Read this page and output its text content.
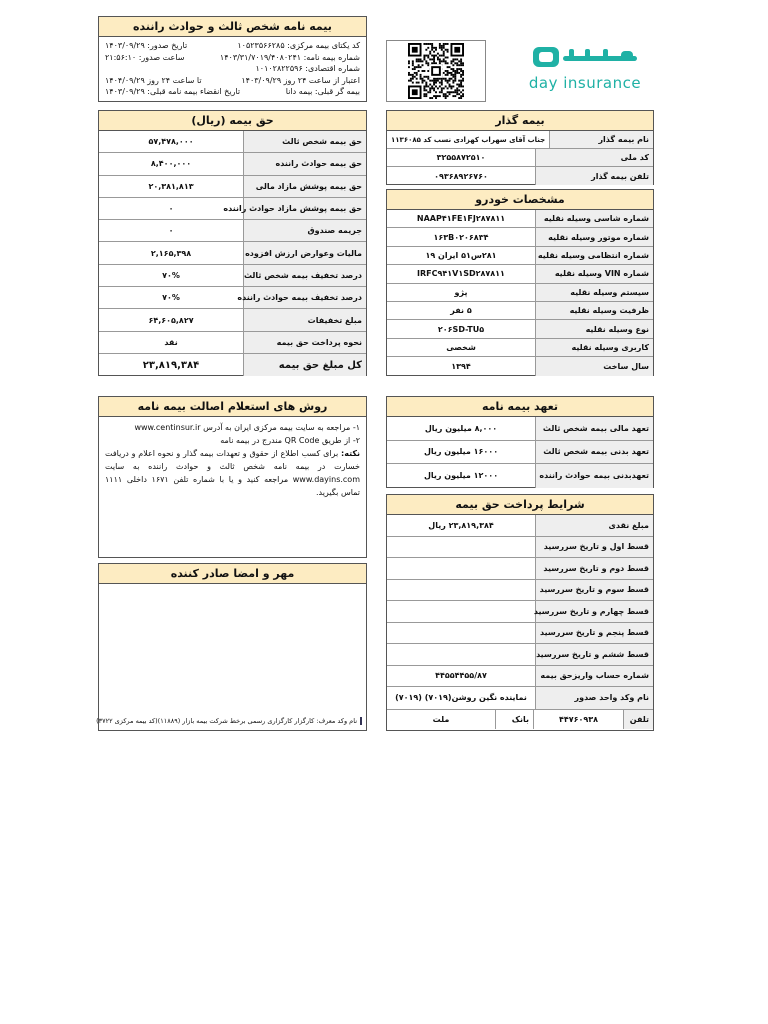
بیمه نامه شخص ثالث و حوادث راننده
کد یکتای بیمه مرکزی: ۱۰۵۲۳۵۶۶۲۸۵
تاریخ صدور: ۱۴۰۳/۰۹/۲۹
شماره بیمه نامه: ۱۴۰۳/۳۱/۷۰۱۹/۴۰۸۰۲۴۱
ساعت صدور: ۲۱:۵۶:۱۰
شماره اقتصادی: ۱۰۱۰۲۸۲۲۵۹۶
اعتبار از ساعت ۲۴ روز ۱۴۰۳/۰۹/۲۹
تا ساعت ۲۴ روز ۱۴۰۴/۰۹/۲۹
بیمه گر قبلی: بیمه دانا
تاریخ انقضاء بیمه نامه قبلی: ۱۴۰۳/۰۹/۲۹	day insurance
حق بیمه (ریال)
حق بیمه شخص ثالث
۵۷,۴۷۸,۰۰۰
حق بیمه حوادث راننده
۸,۴۰۰,۰۰۰
حق بیمه پوشش مازاد مالی
۲۰,۳۸۱,۸۱۳
حق بیمه پوشش مازاد حوادث راننده
۰
جریمه صندوق
۰
مالیات وعوارض ارزش افزوده
۲,۱۶۵,۳۹۸
درصد تخفیف بیمه شخص ثالث
۷۰%
درصد تخفیف بیمه حوادث راننده
۷۰%
مبلغ تخفیفات
۶۴,۶۰۵,۸۲۷
نحوه پرداخت حق بیمه
نقد
کل مبلغ حق بیمه
۲۳,۸۱۹,۳۸۴
بیمه گذار
نام بیمه گذار
جناب آقای سهراب کهزادی نسب کد ۱۱۳۶۰۸۵
کد ملی
۳۲۵۵۸۷۲۵۱۰
تلفن بیمه گذار
۰۹۳۶۸۹۲۶۷۶۰
مشخصات خودرو
شماره شاسی وسیله نقلیه
NAAP۴۱FE۱FJ۲۸۷۸۱۱
شماره موتور وسیله نقلیه
۱۶۳B۰۲۰۶۸۳۴
شماره انتظامی وسیله نقلیه
۲۸۱س۵۱ ایران ۱۹
شماره VIN وسیله نقلیه
IRFC۹۴۱V۱SD۲۸۷۸۱۱
سیستم وسیله نقلیه
پژو
ظرفیت وسیله نقلیه
۵ نفر
نوع وسیله نقلیه
۲۰۶SD-TU۵
کاربری وسیله نقلیه
شخصی
سال ساخت
۱۳۹۴
روش های استعلام اصالت بیمه نامه
۱- مراجعه به سایت بیمه مرکزی ایران به آدرس www.centinsur.ir
۲- از طریق QR Code مندرج در بیمه نامه
نکته: برای کسب اطلاع از حقوق و تعهدات بیمه گذار و نحوه اعلام و دریافت خسارت در بیمه نامه شخص ثالث و حوادث راننده به سایت www.dayins.com مراجعه کنید و یا با شماره تلفن ۱۶۷۱ داخلی ۱۱۱۱ تماس بگیرید.
تعهد بیمه نامه
تعهد مالی بیمه شخص ثالث
۸,۰۰۰ میلیون ریال
تعهد بدنی بیمه شخص ثالث
۱۶۰۰۰ میلیون ریال
تعهدبدنی بیمه حوادث راننده
۱۲۰۰۰ میلیون ریال
مهر و امضا صادر کننده
نام وکد معرف: کارگزار کارگزاری رسمی برخط شرکت بیمه بازار (۱۱۸۸۹)(کد بیمه مرکزی ۳۷۲۲)
شرایط پرداخت حق بیمه
مبلغ نقدی
۲۳,۸۱۹,۳۸۴ ریال
قسط اول و تاریخ سررسید
قسط دوم و تاریخ سررسید
قسط سوم و تاریخ سررسید
قسط چهارم و تاریخ سررسید
قسط پنجم و تاریخ سررسید
قسط ششم و تاریخ سررسید
شماره حساب واریزحق بیمه
۴۴۵۵۴۴۵۵/۸۷
نام وکد واحد صدور
نماینده نگین روشن(۷۰۱۹) (۷۰۱۹)
تلفن
۴۴۷۶۰۹۳۸
بانک
ملت
